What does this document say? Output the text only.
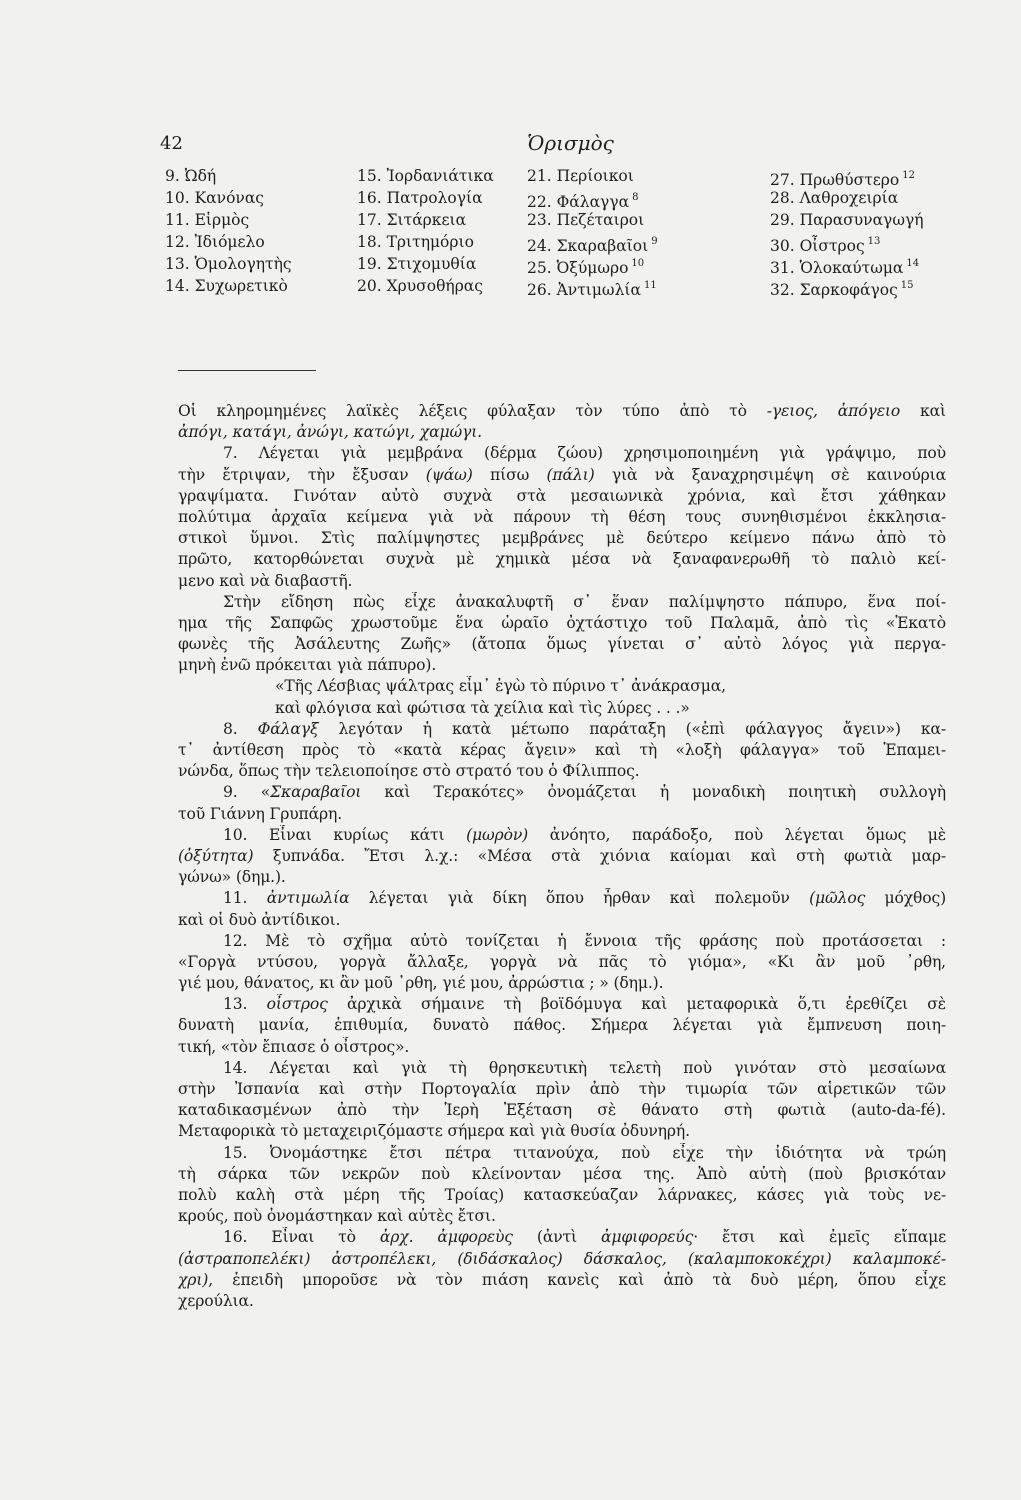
42	Ὁρισμὸς
9. Ὠδή
10. Κανόνας
11. Εἱρμὸς
12. Ἰδιόμελο
13. Ὁμολογητὴς
14. Συχωρετικὸ
15. Ἰορδανιάτικα
16. Πατρολογία
17. Σιτάρκεια
18. Τριτημόριο
19. Στιχομυθία
20. Χρυσοθήρας
21. Περίοικοι
22. Φάλαγγα $^8$
23. Πεζέταιροι
24. Σκαραβαῖοι $^9$
25. Ὀξύμωρο $^{10}$
26. Ἀντιμωλία $^{11}$
27. Πρωθύστερο $^{12}$
28. Λαθροχειρία
29. Παρασυναγωγή
30. Οἶστρος $^{13}$
31. Ὁλοκαύτωμα $^{14}$
32. Σαρκοφάγος $^{15}$
Οἱ κληρομημένες λαϊκὲς λέξεις φύλαξαν τὸν τύπο ἀπὸ τὸ -γειος, ἀπόγειο καὶ
ἀπόγι, κατάγι, ἀνώγι, κατώγι, χαμώγι.
7. Λέγεται γιὰ μεμβράνα (δέρμα ζώου) χρησιμοποιημένη γιὰ γράψιμο, ποὺ
τὴν ἔτριψαν, τὴν ἔξυσαν (ψάω) πίσω (πάλι) γιὰ νὰ ξαναχρησιμέψη σὲ καινούρια
γραψίματα. Γινόταν αὐτὸ συχνὰ στὰ μεσαιωνικὰ χρόνια, καὶ ἔτσι χάθηκαν
πολύτιμα ἀρχαῖα κείμενα γιὰ νὰ πάρουν τὴ θέση τους συνηθισμένοι ἐκκλησια-
στικοὶ ὕμνοι. Στὶς παλίμψηστες μεμβράνες μὲ δεύτερο κείμενο πάνω ἀπὸ τὸ
πρῶτο, κατορθώνεται συχνὰ μὲ χημικὰ μέσα νὰ ξαναφανερωθῆ τὸ παλιὸ κεί-
μενο καὶ νὰ διαβαστῆ.
Στὴν εἴδηση πὼς εἶχε ἀνακαλυφτῆ σ᾽ ἕναν παλίμψηστο πάπυρο, ἕνα ποί-
ημα τῆς Σαπφῶς χρωστοῦμε ἕνα ὡραῖο ὀχτάστιχο τοῦ Παλαμᾶ, ἀπὸ τὶς «Ἑκατὸ
φωνὲς τῆς Ἀσάλευτης Ζωῆς» (ἄτοπα ὅμως γίνεται σ᾽ αὐτὸ λόγος γιὰ περγα-
μηνὴ ἐνῶ πρόκειται γιὰ πάπυρο).
«Τῆς Λέσβιας ψάλτρας εἶμ᾽ ἐγὼ τὸ πύρινο τ᾽ ἀνάκρασμα,
καὶ φλόγισα καὶ φώτισα τὰ χείλια καὶ τὶς λύρες . . .»
8. Φάλαγξ λεγόταν ἡ κατὰ μέτωπο παράταξη («ἐπὶ φάλαγγος ἄγειν») κα-
τ᾽ ἀντίθεση πρὸς τὸ «κατὰ κέρας ἄγειν» καὶ τὴ «λοξὴ φάλαγγα» τοῦ Ἐπαμει-
νώνδα, ὅπως τὴν τελειοποίησε στὸ στρατό του ὁ Φίλιππος.
9. «Σκαραβαῖοι καὶ Τερακότες» ὀνομάζεται ἡ μοναδικὴ ποιητικὴ συλλογὴ
τοῦ Γιάννη Γρυπάρη.
10. Εἶναι κυρίως κάτι (μωρὸν) ἀνόητο, παράδοξο, ποὺ λέγεται ὅμως μὲ
(ὀξύτητα) ξυπνάδα. Ἔτσι λ.χ.: «Μέσα στὰ χιόνια καίομαι καὶ στὴ φωτιὰ μαρ-
γώνω» (δημ.).
11. ἀντιμωλία λέγεται γιὰ δίκη ὅπου ἦρθαν καὶ πολεμοῦν (μῶλος μόχθος)
καὶ οἱ δυὸ ἀντίδικοι.
12. Μὲ τὸ σχῆμα αὐτὸ τονίζεται ἡ ἔννοια τῆς φράσης ποὺ προτάσσεται :
«Γοργὰ ντύσου, γοργὰ ἄλλαξε, γοργὰ νὰ πᾶς τὸ γιόμα», «Κι ἂν μοῦ ᾽ρθη,
γιέ μου, θάνατος, κι ἂν μοῦ ᾽ρθη, γιέ μου, ἀρρώστια ; » (δημ.).
13. οἶστρος ἀρχικὰ σήμαινε τὴ βοϊδόμυγα καὶ μεταφορικὰ ὅ,τι ἐρεθίζει σὲ
δυνατὴ μανία, ἐπιθυμία, δυνατὸ πάθος. Σήμερα λέγεται γιὰ ἔμπνευση ποιη-
τική, «τὸν ἔπιασε ὁ οἶστρος».
14. Λέγεται καὶ γιὰ τὴ θρησκευτικὴ τελετὴ ποὺ γινόταν στὸ μεσαίωνα
στὴν Ἰσπανία καὶ στὴν Πορτογαλία πρὶν ἀπὸ τὴν τιμωρία τῶν αἱρετικῶν τῶν
καταδικασμένων ἀπὸ τὴν Ἱερὴ Ἐξέταση σὲ θάνατο στὴ φωτιὰ (auto-da-fé).
Μεταφορικὰ τὸ μεταχειριζόμαστε σήμερα καὶ γιὰ θυσία ὀδυνηρή.
15. Ὀνομάστηκε ἔτσι πέτρα τιτανούχα, ποὺ εἶχε τὴν ἰδιότητα νὰ τρώη
τὴ σάρκα τῶν νεκρῶν ποὺ κλείνονταν μέσα της. Ἀπὸ αὐτὴ (ποὺ βρισκόταν
πολὺ καλὴ στὰ μέρη τῆς Τροίας) κατασκεύαζαν λάρνακες, κάσες γιὰ τοὺς νε-
κρούς, ποὺ ὀνομάστηκαν καὶ αὐτὲς ἔτσι.
16. Εἶναι τὸ ἀρχ. ἀμφορεὺς (ἀντὶ ἀμφιφορεύς· ἔτσι καὶ ἐμεῖς εἴπαμε
(ἀστραποπελέκι) ἀστροπέλεκι, (διδάσκαλος) δάσκαλος, (καλαμποκοκέχρι) καλαμποκέ-
χρι), ἐπειδὴ μποροῦσε νὰ τὸν πιάση κανεὶς καὶ ἀπὸ τὰ δυὸ μέρη, ὅπου εἶχε
χερούλια.
